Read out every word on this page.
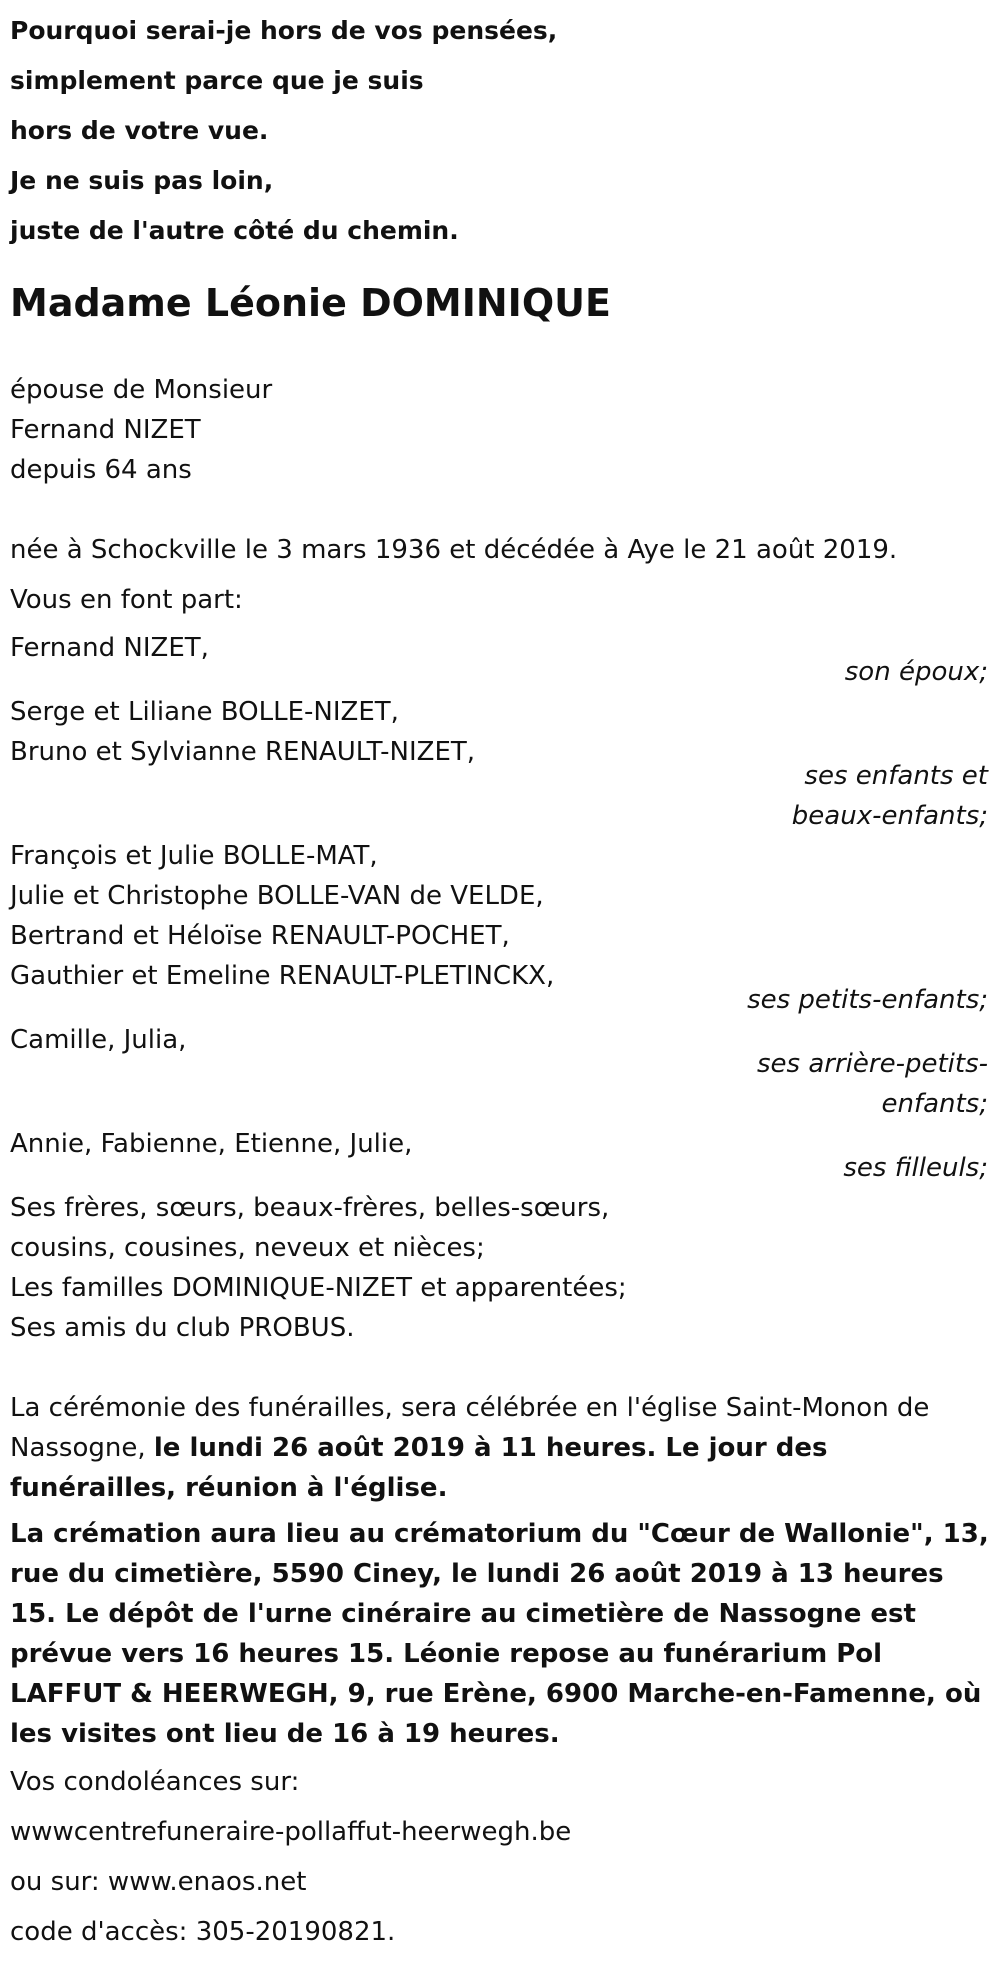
Pourquoi serai-je hors de vos pensées,
simplement parce que je suis
hors de votre vue.
Je ne suis pas loin,
juste de l'autre côté du chemin.
Madame Léonie DOMINIQUE
épouse de Monsieur
Fernand NIZET
depuis 64 ans
née à Schockville le 3 mars 1936 et décédée à Aye le 21 août 2019.
Vous en font part:
Fernand NIZET,
son époux;
Serge et Liliane BOLLE-NIZET,
Bruno et Sylvianne RENAULT-NIZET,
ses enfants et
beaux-enfants;
François et Julie BOLLE-MAT,
Julie et Christophe BOLLE-VAN de VELDE,
Bertrand et Héloïse RENAULT-POCHET,
Gauthier et Emeline RENAULT-PLETINCKX,
ses petits-enfants;
Camille, Julia,
ses arrière-petits-
enfants;
Annie, Fabienne, Etienne, Julie,
ses filleuls;
Ses frères, sœurs, beaux-frères, belles-sœurs,
cousins, cousines, neveux et nièces;
Les familles DOMINIQUE-NIZET et apparentées;
Ses amis du club PROBUS.
La cérémonie des funérailles, sera célébrée en l'église Saint-Monon de Nassogne, le lundi 26 août 2019 à 11 heures. Le jour des funérailles, réunion à l'église.
La crémation aura lieu au crématorium du "Cœur de Wallonie", 13, rue du cimetière, 5590 Ciney, le lundi 26 août 2019 à 13 heures 15. Le dépôt de l'urne cinéraire au cimetière de Nassogne est prévue vers 16 heures 15. Léonie repose au funérarium Pol LAFFUT & HEERWEGH, 9, rue Erène, 6900 Marche-en-Famenne, où les visites ont lieu de 16 à 19 heures.
Vos condoléances sur:
wwwcentrefuneraire-pollaffut-heerwegh.be
ou sur: www.enaos.net
code d'accès: 305-20190821.
